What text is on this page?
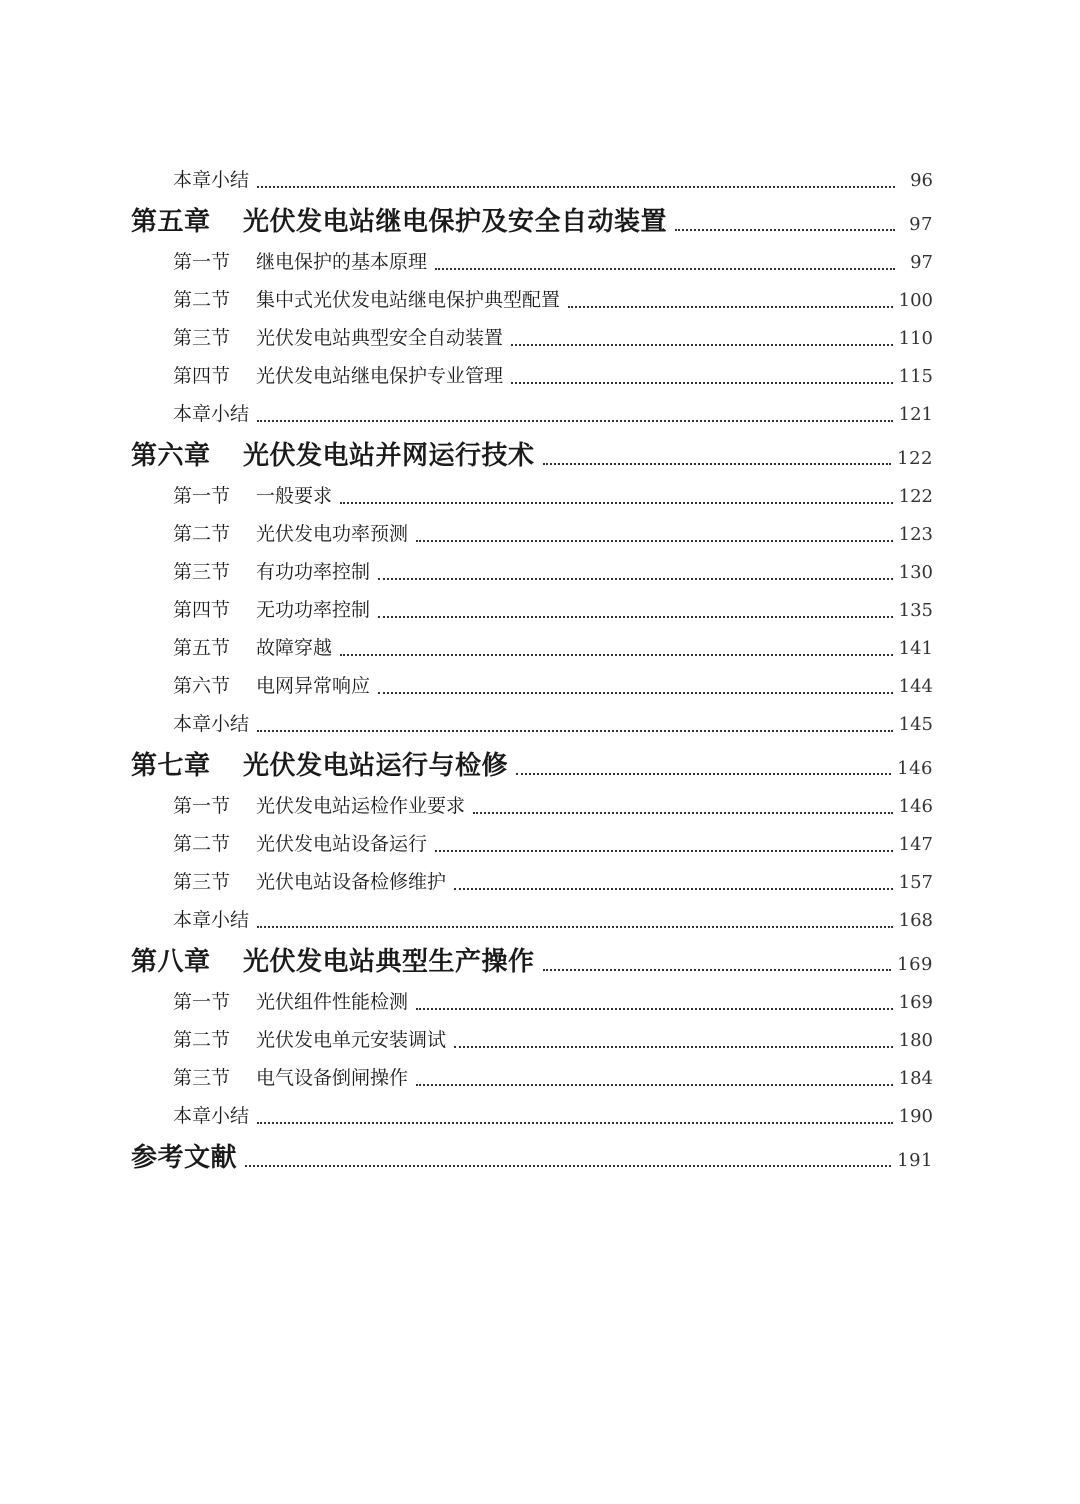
本章小结	96
第五章	光伏发电站继电保护及安全自动装置	97
第一节	继电保护的基本原理	97
第二节	集中式光伏发电站继电保护典型配置	100
第三节	光伏发电站典型安全自动装置	110
第四节	光伏发电站继电保护专业管理	115
本章小结	121
第六章	光伏发电站并网运行技术	122
第一节	一般要求	122
第二节	光伏发电功率预测	123
第三节	有功功率控制	130
第四节	无功功率控制	135
第五节	故障穿越	141
第六节	电网异常响应	144
本章小结	145
第七章	光伏发电站运行与检修	146
第一节	光伏发电站运检作业要求	146
第二节	光伏发电站设备运行	147
第三节	光伏电站设备检修维护	157
本章小结	168
第八章	光伏发电站典型生产操作	169
第一节	光伏组件性能检测	169
第二节	光伏发电单元安装调试	180
第三节	电气设备倒闸操作	184
本章小结	190
参考文献	191
